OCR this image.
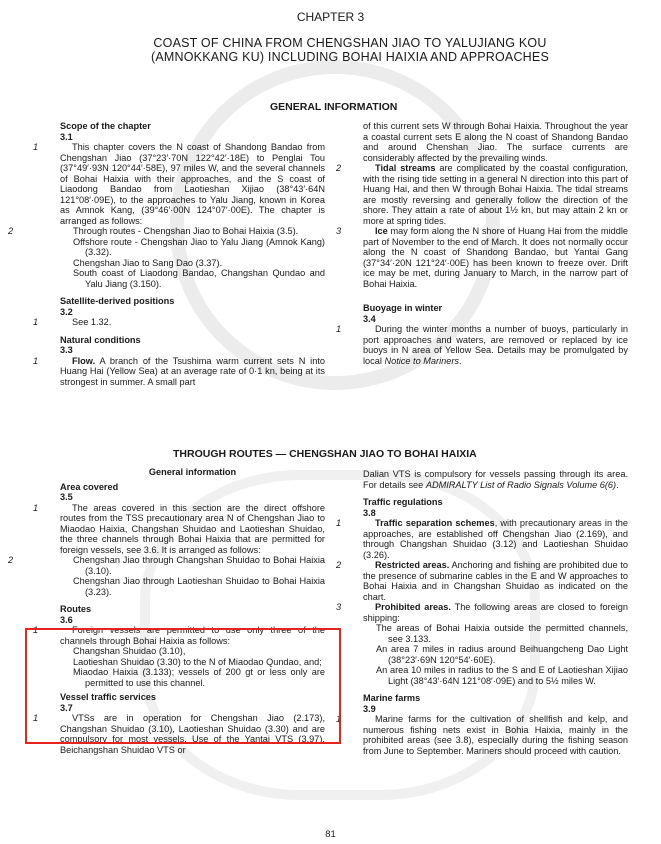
CHAPTER 3
COAST OF CHINA FROM CHENGSHAN JIAO TO YALUJIANG KOU
(AMNOKKANG KU) INCLUDING BOHAI HAIXIA AND APPROACHES
GENERAL INFORMATION
Scope of the chapter
3.1

1	This chapter covers the N coast of Shandong Bandao from Chengshan Jiao (37°23′·70N 122°42′·18E) to Penglai Tou (37°49′·93N 120°44′·58E), 97 miles W, and the several channels of Bohai Haixia with their approaches, and the S coast of Liaodong Bandao from Laotieshan Xijiao (38°43′·64N 121°08′·09E), to the approaches to Yalu Jiang, known in Korea as Amnok Kang, (39°46′·00N 124°07′·00E). The chapter is arranged as follows:

2	Through routes - Chengshan Jiao to Bohai Haixia (3.5).

Offshore route - Chengshan Jiao to Yalu Jiang (Amnok Kang) (3.32).

Chengshan Jiao to Sang Dao (3.37).

South coast of Liaodong Bandao, Changshan Qundao and Yalu Jiang (3.150).

Satellite-derived positions
3.2

1	See 1.32.

Natural conditions
3.3

1	Flow. A branch of the Tsushima warm current sets N into Huang Hai (Yellow Sea) at an average rate of 0·1 kn, being at its strongest in summer. A small part

of this current sets W through Bohai Haixia. Throughout the year a coastal current sets E along the N coast of Shandong Bandao and around Chenshan Jiao. The surface currents are considerably affected by the prevailing winds.

2	Tidal streams are complicated by the coastal configuration, with the rising tide setting in a general N direction into this part of Huang Hai, and then W through Bohai Haixia. The tidal streams are mostly reversing and generally follow the direction of the shore. They attain a rate of about 1½ kn, but may attain 2 kn or more at spring tides.

3	Ice may form along the N shore of Huang Hai from the middle part of November to the end of March. It does not normally occur along the N coast of Shandong Bandao, but Yantai Gang (37°34′·20N 121°24′·00E) has been known to freeze over. Drift ice may be met, during January to March, in the narrow part of Bohai Haixia.

Buoyage in winter
3.4

1	During the winter months a number of buoys, particularly in port approaches and waters, are removed or replaced by ice buoys in N area of Yellow Sea. Details may be promulgated by local Notice to Mariners.

THROUGH ROUTES — CHENGSHAN JIAO TO BOHAI HAIXIA
General information
Area covered
3.5

1	The areas covered in this section are the direct offshore routes from the TSS precautionary area N of Chengshan Jiao to Miaodao Haixia, Changshan Shuidao and Laotieshan Shuidao, the three channels through Bohai Haixia that are permitted for foreign vessels, see 3.6. It is arranged as follows:

2	Chengshan Jiao through Changshan Shuidao to Bohai Haixia (3.10).

Chengshan Jiao through Laotieshan Shuidao to Bohai Haixia (3.23).

Routes
3.6

1	Foreign vessels are permitted to use only three of the channels through Bohai Haixia as follows:

Changshan Shuidao (3.10),

Laotieshan Shuidao (3.30) to the N of Miaodao Qundao, and;

Miaodao Haixia (3.133); vessels of 200 gt or less only are permitted to use this channel.

Vessel traffic services
3.7

1	VTSs are in operation for Chengshan Jiao (2.173), Changshan Shuidao (3.10), Laotieshan Shuidao (3.30) and are compulsory for most vessels. Use of the Yantai VTS (3.97), Beichangshan Shuidao VTS or

Dalian VTS is compulsory for vessels passing through its area. For details see ADMIRALTY List of Radio Signals Volume 6(6).

Traffic regulations
3.8

1	Traffic separation schemes, with precautionary areas in the approaches, are established off Chengshan Jiao (2.169), and through Changshan Shuidao (3.12) and Laotieshan Shuidao (3.26).

2	Restricted areas. Anchoring and fishing are prohibited due to the presence of submarine cables in the E and W approaches to Bohai Haixia and in Changshan Shuidao as indicated on the chart.

3	Prohibited areas. The following areas are closed to foreign shipping:

The areas of Bohai Haixia outside the permitted channels, see 3.133.

An area 7 miles in radius around Beihuangcheng Dao Light (38°23′·69N 120°54′·60E).

An area 10 miles in radius to the S and E of Laotieshan Xijiao Light (38°43′·64N 121°08′·09E) and to 5½ miles W.

Marine farms
3.9

1	Marine farms for the cultivation of shellfish and kelp, and numerous fishing nets exist in Bohia Haixia, mainly in the prohibited areas (see 3.8), especially during the fishing season from June to September. Mariners should proceed with caution.

81
